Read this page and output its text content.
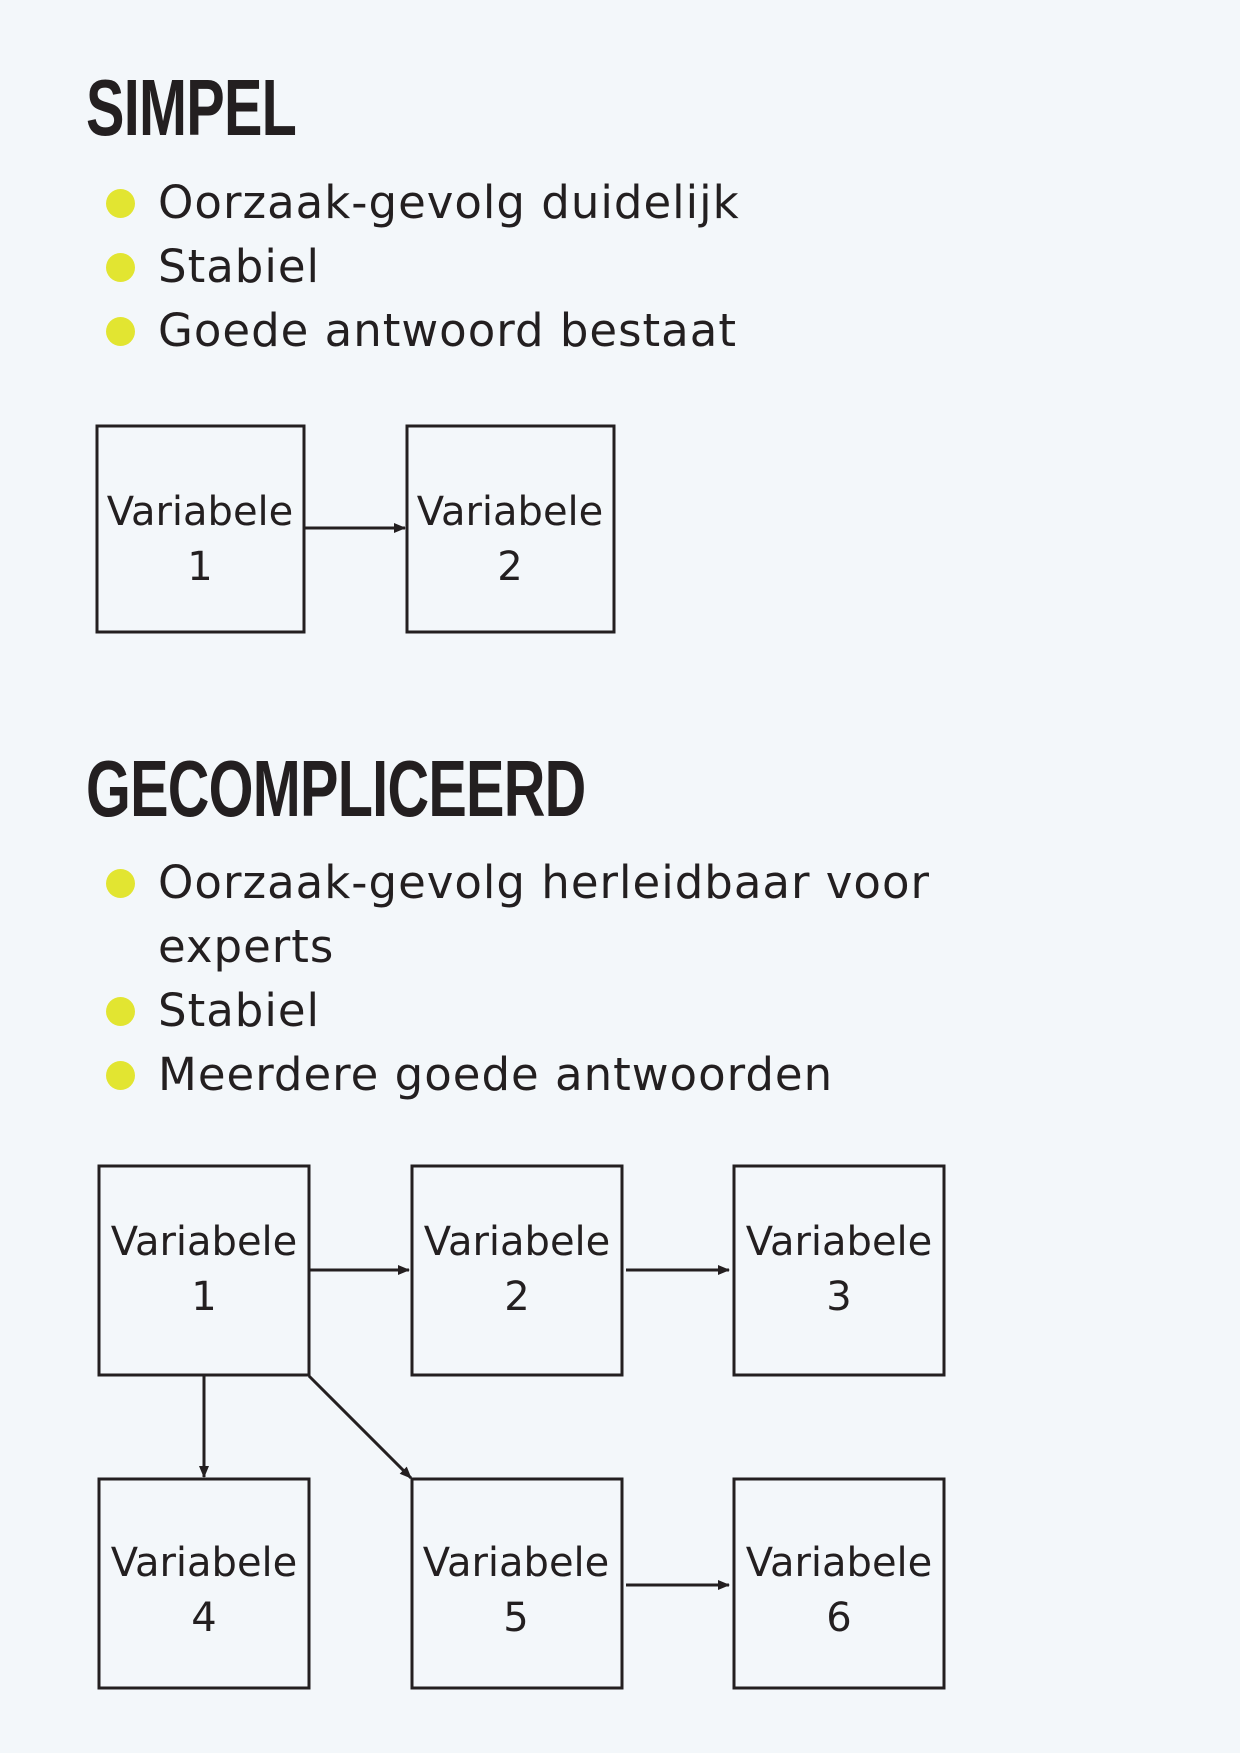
SIMPEL
Oorzaak-gevolg duidelijk
Stabiel
Goede antwoord bestaat
GECOMPLICEERD
Oorzaak-gevolg herleidbaar voor experts
Stabiel
Meerdere goede antwoorden
Variabele
1
Variabele
2
Variabele
1
Variabele
2
Variabele
3
Variabele
4
Variabele
5
Variabele
6
